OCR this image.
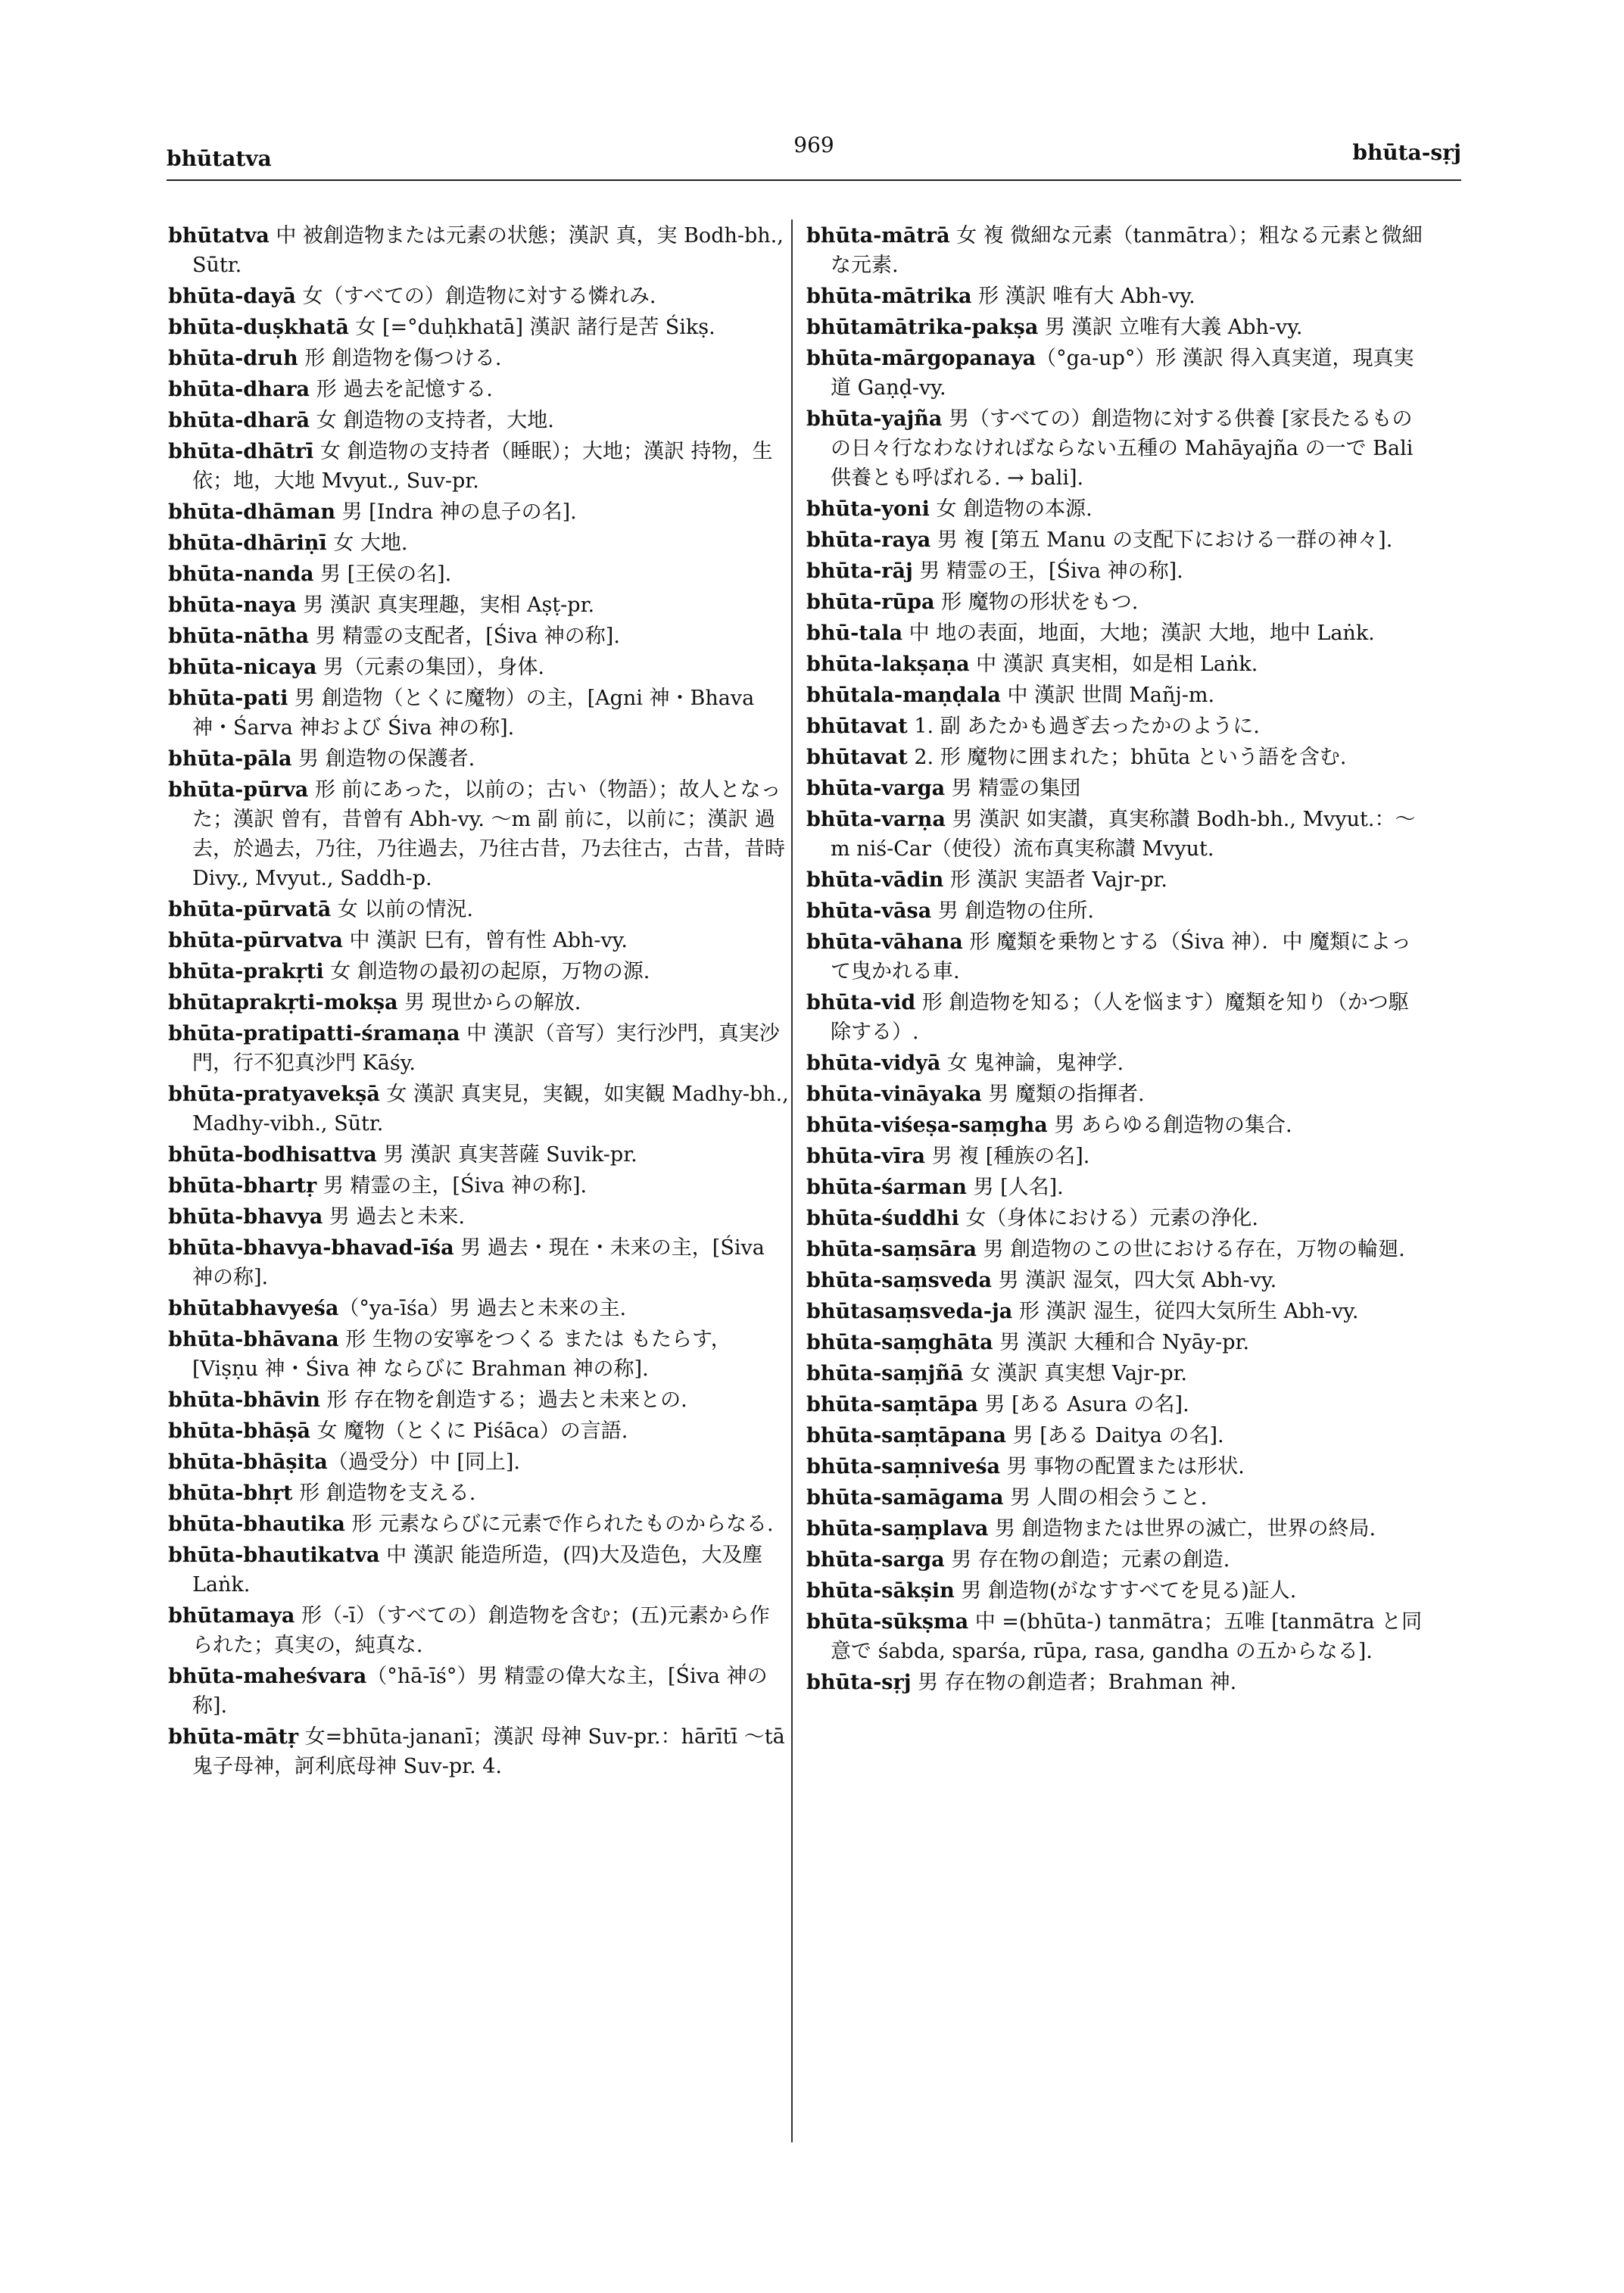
bhūtatva
969	bhūta-sṛj

bhūtatva 中 被創造物または元素の状態；漢訳 真，実 Bodh-bh., Sūtr.

bhūta-dayā 女（すべての）創造物に対する憐れみ.

bhūta-duṣkhatā 女 [=°duḥkhatā] 漢訳 諸行是苦 Śikṣ.

bhūta-druh 形 創造物を傷つける.

bhūta-dhara 形 過去を記憶する.

bhūta-dharā 女 創造物の支持者，大地.

bhūta-dhātrī 女 創造物の支持者（睡眠）；大地；漢訳 持物，生依；地，大地 Mvyut., Suv-pr.

bhūta-dhāman 男 [Indra 神の息子の名].

bhūta-dhāriṇī 女 大地.

bhūta-nanda 男 [王侯の名].

bhūta-naya 男 漢訳 真実理趣，実相 Aṣṭ-pr.

bhūta-nātha 男 精霊の支配者，[Śiva 神の称].

bhūta-nicaya 男（元素の集団），身体.

bhūta-pati 男 創造物（とくに魔物）の主，[Agni 神・Bhava 神・Śarva 神および Śiva 神の称].

bhūta-pāla 男 創造物の保護者.

bhūta-pūrva 形 前にあった，以前の；古い（物語）；故人となった；漢訳 曾有，昔曾有 Abh-vy. ～m 副 前に，以前に；漢訳 過去，於過去，乃往，乃往過去，乃往古昔，乃去往古，古昔，昔時 Divy., Mvyut., Saddh-p.

bhūta-pūrvatā 女 以前の情況.

bhūta-pūrvatva 中 漢訳 巳有，曾有性 Abh-vy.

bhūta-prakṛti 女 創造物の最初の起原，万物の源.

bhūtaprakṛti-mokṣa 男 現世からの解放.

bhūta-pratipatti-śramaṇa 中 漢訳（音写）実行沙門，真実沙門，行不犯真沙門 Kāśy.

bhūta-pratyavekṣā 女 漢訳 真実見，実観，如実観 Madhy-bh., Madhy-vibh., Sūtr.

bhūta-bodhisattva 男 漢訳 真実菩薩 Suvik-pr.

bhūta-bhartṛ 男 精霊の主，[Śiva 神の称].

bhūta-bhavya 男 過去と未来.

bhūta-bhavya-bhavad-īśa 男 過去・現在・未来の主，[Śiva 神の称].

bhūtabhavyeśa（°ya-īśa）男 過去と未来の主.

bhūta-bhāvana 形 生物の安寧をつくる または もたらす，[Viṣṇu 神・Śiva 神 ならびに Brahman 神の称].

bhūta-bhāvin 形 存在物を創造する；過去と未来との.

bhūta-bhāṣā 女 魔物（とくに Piśāca）の言語.

bhūta-bhāṣita（過受分）中 [同上].

bhūta-bhṛt 形 創造物を支える.

bhūta-bhautika 形 元素ならびに元素で作られたものからなる.

bhūta-bhautikatva 中 漢訳 能造所造，(四)大及造色，大及塵 Laṅk.

bhūtamaya 形（-ī）（すべての）創造物を含む；(五)元素から作られた；真実の，純真な.

bhūta-maheśvara（°hā-īś°）男 精霊の偉大な主，[Śiva 神の称].

bhūta-mātṛ 女=bhūta-jananī；漢訳 母神 Suv-pr.：hārītī ～tā 鬼子母神，訶利底母神 Suv-pr. 4.

bhūta-mātrā 女 複 微細な元素（tanmātra）；粗なる元素と微細な元素.

bhūta-mātrika 形 漢訳 唯有大 Abh-vy.

bhūtamātrika-pakṣa 男 漢訳 立唯有大義 Abh-vy.

bhūta-mārgopanaya（°ga-up°）形 漢訳 得入真実道，現真実道 Gaṇḍ-vy.

bhūta-yajña 男（すべての）創造物に対する供養 [家長たるものの日々行なわなければならない五種の Mahāyajña の一で Bali 供養とも呼ばれる. → bali].

bhūta-yoni 女 創造物の本源.

bhūta-raya 男 複 [第五 Manu の支配下における一群の神々].

bhūta-rāj 男 精霊の王，[Śiva 神の称].

bhūta-rūpa 形 魔物の形状をもつ.

bhū-tala 中 地の表面，地面，大地；漢訳 大地，地中 Laṅk.

bhūta-lakṣaṇa 中 漢訳 真実相，如是相 Laṅk.

bhūtala-maṇḍala 中 漢訳 世間 Mañj-m.

bhūtavat 1. 副 あたかも過ぎ去ったかのように.

bhūtavat 2. 形 魔物に囲まれた；bhūta という語を含む.

bhūta-varga 男 精霊の集団

bhūta-varṇa 男 漢訳 如実讃，真実称讃 Bodh-bh., Mvyut.：～m niś-Car（使役）流布真実称讃 Mvyut.

bhūta-vādin 形 漢訳 実語者 Vajr-pr.

bhūta-vāsa 男 創造物の住所.

bhūta-vāhana 形 魔類を乗物とする（Śiva 神）．中 魔類によって曳かれる車.

bhūta-vid 形 創造物を知る；（人を悩ます）魔類を知り（かつ駆除する）.

bhūta-vidyā 女 鬼神論，鬼神学.

bhūta-vināyaka 男 魔類の指揮者.

bhūta-viśeṣa-saṃgha 男 あらゆる創造物の集合.

bhūta-vīra 男 複 [種族の名].

bhūta-śarman 男 [人名].

bhūta-śuddhi 女（身体における）元素の浄化.

bhūta-saṃsāra 男 創造物のこの世における存在，万物の輪廻.

bhūta-saṃsveda 男 漢訳 湿気，四大気 Abh-vy.

bhūtasaṃsveda-ja 形 漢訳 湿生，従四大気所生 Abh-vy.

bhūta-saṃghāta 男 漢訳 大種和合 Nyāy-pr.

bhūta-saṃjñā 女 漢訳 真実想 Vajr-pr.

bhūta-saṃtāpa 男 [ある Asura の名].

bhūta-saṃtāpana 男 [ある Daitya の名].

bhūta-saṃniveśa 男 事物の配置または形状.

bhūta-samāgama 男 人間の相会うこと.

bhūta-saṃplava 男 創造物または世界の滅亡，世界の終局.

bhūta-sarga 男 存在物の創造；元素の創造.

bhūta-sākṣin 男 創造物(がなすすべてを見る)証人.

bhūta-sūkṣma 中 =(bhūta-) tanmātra；五唯 [tanmātra と同意で śabda, sparśa, rūpa, rasa, gandha の五からなる].

bhūta-sṛj 男 存在物の創造者；Brahman 神.
